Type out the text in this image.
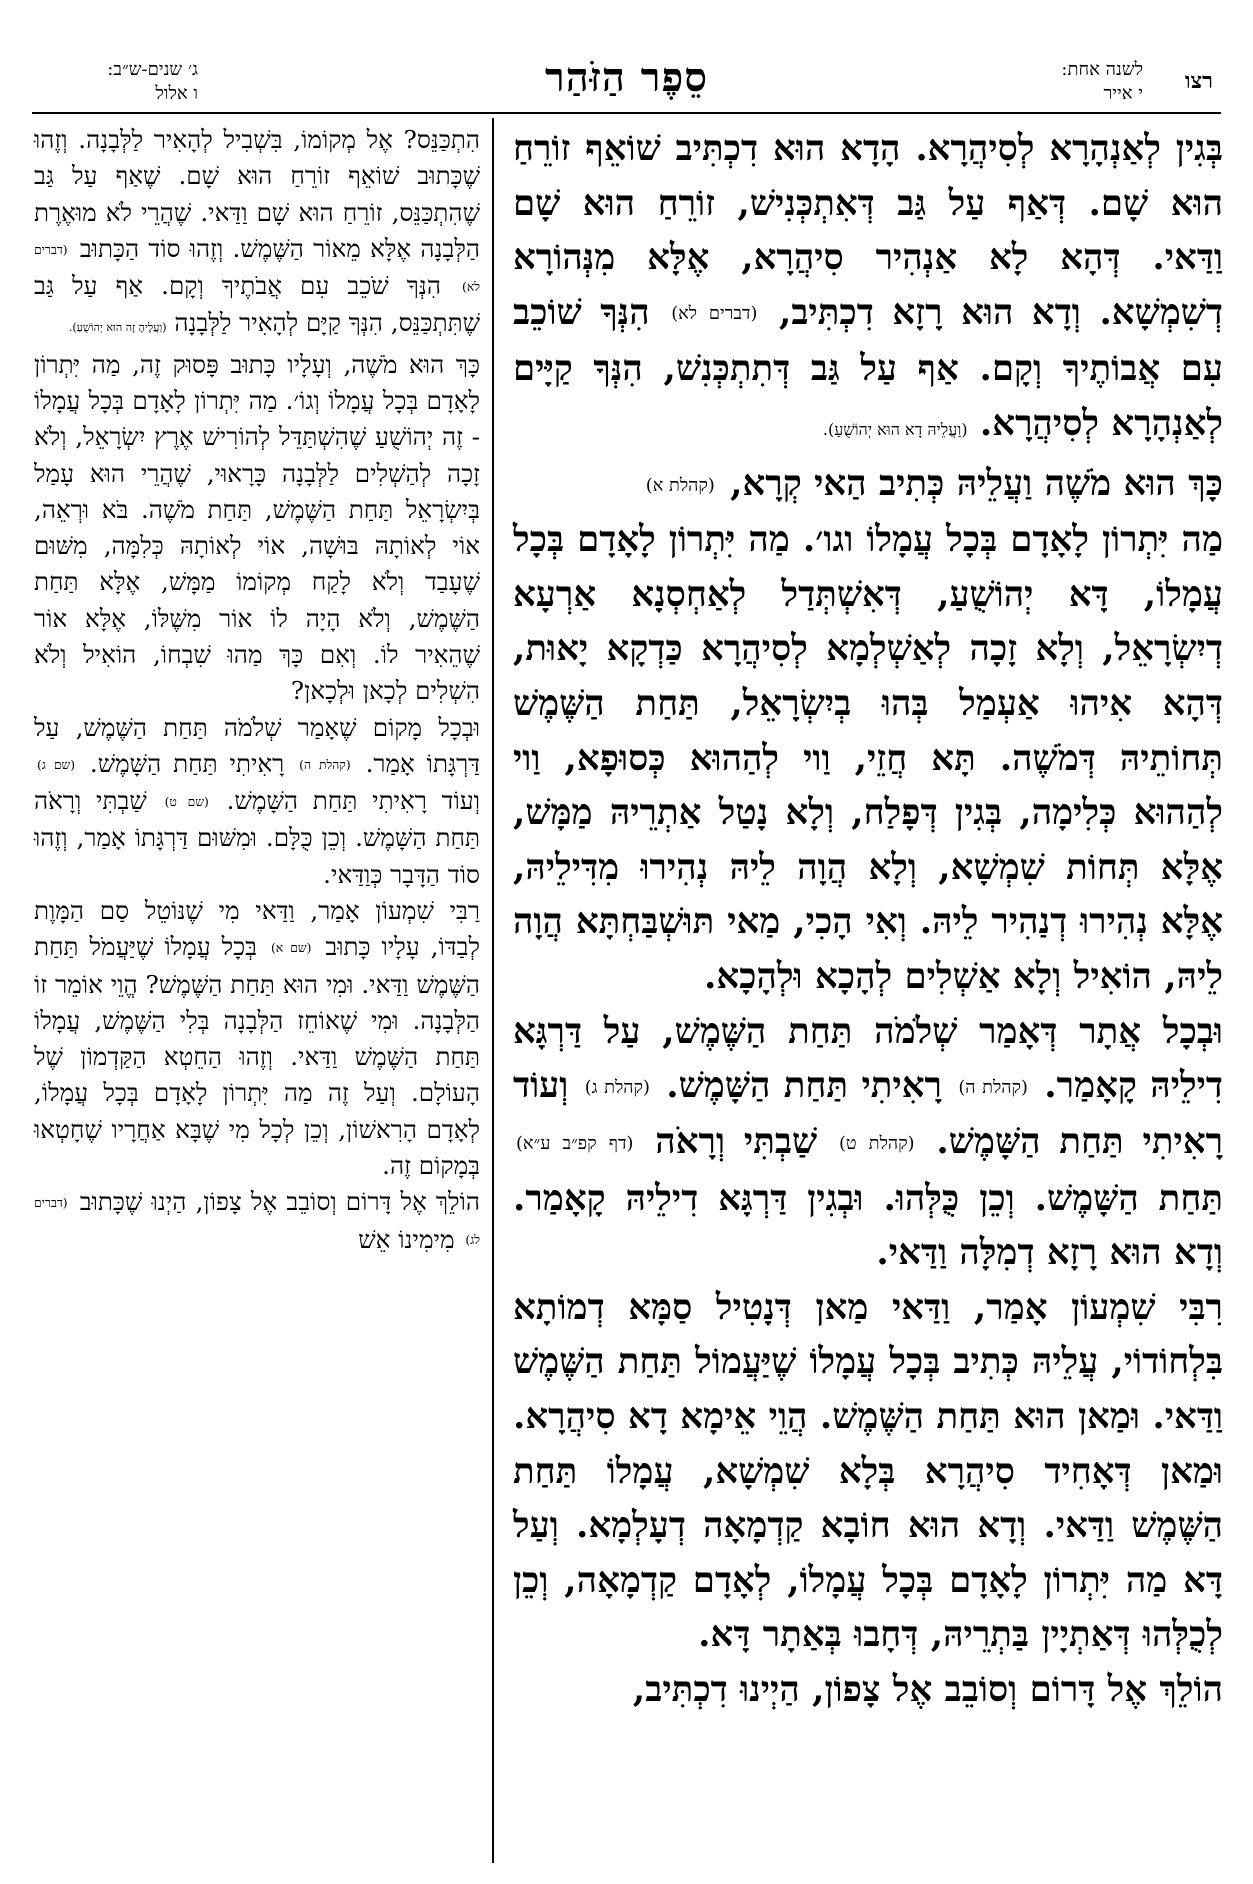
רצו
לשנה אחת:
י אייר
סֵפֶר הַזֹּהַר
ג׳ שנים-ש״ב:
ו אלול

בְּגִין לְאַנְהָרָא לְסִיהֲרָא. הָדָא הוּא דִכְתִּיב שׁוֹאֵף זוֹרֵחַ הוּא שָׁם. דְּאַף עַל גַּב דְּאִתְכְּנִישׁ, זוֹרֵחַ הוּא שָׁם וַדַּאי. דְּהָא לָא אַנְהִיר סִיהֲרָא, אֶלָּא מִנְּהוֹרָא דְשִׁמְשָׁא. וְדָא הוּא רָזָא דִכְתִּיב, (דברים לא) הִנְּךָ שׁוֹכֵב עִם אֲבוֹתֶיךָ וְקָם. אַף עַל גַּב דְּתִתְכְּנִשׁ, הִנְּךָ קַיָּים לְאַנְהָרָא לְסִיהֲרָא. (וַעֲלֵיהּ דָא הוּא יְהוֹשֻׁעַ).

כָּךְ הוּא מֹשֶׁה וַעֲלֵיהּ כְּתִיב הַאי קְרָא, (קהלת א)

מַה יִּתְרוֹן לָאָדָם בְּכָל עֲמָלוֹ וגו׳. מַה יִּתְרוֹן לָאָדָם בְּכָל עֲמָלוֹ, דָּא יְהוֹשֻׁעַ, דְּאִשְׁתְּדַל לְאַחְסְנָא אַרְעָא דְיִשְׂרָאֵל, וְלָא זָכָה לְאַשְׁלְמָא לְסִיהֲרָא כַּדְקָא יָאוּת, דְּהָא אִיהוּ אַעְמַל בְּהוּ בְיִשְׂרָאֵל, תַּחַת הַשֶּׁמֶשׁ תְּחוֹתֵיהּ דְּמֹשֶׁה. תָּא חֲזֵי, וַוי לְהַהוּא כְּסוּפָא, וַוי לְהַהוּא כְּלִימָה, בְּגִין דְּפָלַח, וְלָא נָטַל אַתְרֵיהּ מַמָּשׁ, אֶלָּא תְּחוֹת שִׁמְשָׁא, וְלָא הֲוָה לֵיהּ נְהִירוּ מִדִּילֵיהּ, אֶלָּא נְהִירוּ דְנַהִיר לֵיהּ. וְאִי הָכִי, מַאי תּוּשְׁבַּחְתָּא הֲוָה לֵיהּ, הוֹאִיל וְלָא אַשְׁלִים לְהָכָא וּלְהָכָא.

וּבְכָל אֲתָר דְּאָמַר שְׁלֹמֹה תַּחַת הַשֶּׁמֶשׁ, עַל דַּרְגָּא דִילֵיהּ קָאָמַר. (קהלת ה) רָאִיתִי תַּחַת הַשָּׁמֶשׁ. (קהלת ג) וְעוֹד רָאִיתִי תַּחַת הַשָּׁמֶשׁ. (קהלת ט) שַׁבְתִּי וְרָאֹה (דף קפ״ב ע״א) תַּחַת הַשָּׁמֶשׁ. וְכֵן כֻּלְּהוּ. וּבְגִין דַּרְגָּא דִילֵיהּ קָאָמַר. וְדָא הוּא רָזָא דְמִלָּה וַדַּאי.

רִבִּי שִׁמְעוֹן אָמַר, וַדַּאי מַאן דְּנָטִיל סַמָּא דְמוֹתָא בִּלְחוֹדוֹי, עֲלֵיהּ כְּתִיב בְּכָל עֲמָלוֹ שֶׁיַּעֲמוֹל תַּחַת הַשֶּׁמֶשׁ וַדַּאי. וּמַאן הוּא תַּחַת הַשֶּׁמֶשׁ. הֲוֵי אֵימָא דָא סִיהֲרָא. וּמַאן דְּאָחִיד סִיהֲרָא בְּלָא שִׁמְשָׁא, עֲמָלוֹ תַּחַת הַשֶּׁמֶשׁ וַדַּאי. וְדָא הוּא חוֹבָא קַדְמָאָה דְעָלְמָא. וְעַל דָּא מַה יִּתְרוֹן לָאָדָם בְּכָל עֲמָלוֹ, לְאָדָם קַדְמָאָה, וְכֵן לְכֻלְּהוּ דְּאַתְיָין בַּתְרֵיהּ, דְּחָבוּ בְּאַתָר דָּא.

הוֹלֵךְ אֶל דָּרוֹם וְסוֹבֵב אֶל צָפוֹן, הַיְינוּ דִכְתִּיב,

הִתְכַּנֵּס? אֶל מְקוֹמוֹ, בִּשְׁבִיל לְהָאִיר לַלְּבָנָה. וְזֶהוּ שֶׁכָּתוּב שׁוֹאֵף זוֹרֵחַ הוּא שָׁם. שֶׁאַף עַל גַּב שֶׁהִתְכַּנֵּס, זוֹרֵחַ הוּא שָׁם וַדַּאי. שֶׁהֲרֵי לֹא מוּאֶרֶת הַלְּבָנָה אֶלָּא מֵאוֹר הַשֶּׁמֶשׁ. וְזֶהוּ סוֹד הַכָּתוּב (דברים לא) הִנְּךָ שֹׁכֵב עִם אֲבֹתֶיךָ וְקָם. אַף עַל גַּב שֶׁתִּתְכַּנֵּס, הִנְּךָ קַיָּם לְהָאִיר לַלְּבָנָה (וַעֲלֶיהָ זֶה הוּא יְהוֹשֻׁעַ).

כָּךְ הוּא מֹשֶׁה, וְעָלָיו כָּתוּב פָּסוּק זֶה, מַה יִּתְרוֹן לָאָדָם בְּכָל עֲמָלוֹ וְגוֹ׳. מַה יִּתְרוֹן לָאָדָם בְּכָל עֲמָלוֹ - זֶה יְהוֹשֻׁעַ שֶׁהִשְׁתַּדֵּל לְהוֹרִישׁ אֶרֶץ יִשְׂרָאֵל, וְלֹא זָכָה לְהַשְׁלִים לַלְּבָנָה כָּרָאוּי, שֶׁהֲרֵי הוּא עָמַל בְּיִשְׂרָאֵל תַּחַת הַשֶּׁמֶשׁ, תַּחַת מֹשֶׁה. בֹּא וּרְאֵה, אוֹי לְאוֹתָהּ בּוּשָׁה, אוֹי לְאוֹתָהּ כְּלִמָּה, מִשּׁוּם שֶׁעָבַד וְלֹא לָקַח מְקוֹמוֹ מַמָּשׁ, אֶלָּא תַּחַת הַשֶּׁמֶשׁ, וְלֹא הָיָה לוֹ אוֹר מִשֶּׁלּוֹ, אֶלָּא אוֹר שֶׁהֵאִיר לוֹ. וְאִם כָּךְ מַהוּ שִׁבְחוֹ, הוֹאִיל וְלֹא הִשְׁלִים לְכָאן וּלְכָאן?

וּבְכָל מָקוֹם שֶׁאָמַר שְׁלֹמֹה תַּחַת הַשֶּׁמֶשׁ, עַל דַּרְגָּתוֹ אָמַר. (קהלת ה) רָאִיתִי תַּחַת הַשָּׁמֶשׁ. (שם ג) וְעוֹד רָאִיתִי תַּחַת הַשָּׁמֶשׁ. (שם ט) שַׁבְתִּי וְרָאֹה תַּחַת הַשָּׁמֶשׁ. וְכֵן כֻּלָּם. וּמִשּׁוּם דַּרְגָּתוֹ אָמַר, וְזֶהוּ סוֹד הַדָּבָר כְּוַדַּאי.

רַבִּי שִׁמְעוֹן אָמַר, וַדַּאי מִי שֶׁנּוֹטֵל סַם הַמָּוֶת לְבַדּוֹ, עָלָיו כָּתוּב (שם א) בְּכָל עֲמָלוֹ שֶׁיַּעֲמֹל תַּחַת הַשֶּׁמֶשׁ וַדַּאי. וּמִי הוּא תַּחַת הַשֶּׁמֶשׁ? הֱוֵי אוֹמֵר זוֹ הַלְּבָנָה. וּמִי שֶׁאוֹחֵז הַלְּבָנָה בְּלִי הַשֶּׁמֶשׁ, עֲמָלוֹ תַּחַת הַשֶּׁמֶשׁ וַדַּאי. וְזֶהוּ הַחֵטְא הַקַּדְמוֹן שֶׁל הָעוֹלָם. וְעַל זֶה מַה יִּתְרוֹן לָאָדָם בְּכָל עֲמָלוֹ, לְאָדָם הָרִאשׁוֹן, וְכֵן לְכָל מִי שֶׁבָּא אַחֲרָיו שֶׁחָטְאוּ בְּמָקוֹם זֶה.

הוֹלֵךְ אֶל דָּרוֹם וְסוֹבֵב אֶל צָפוֹן, הַיְנוּ שֶׁכָּתוּב (דברים לג) מִימִינוֹ אֵשׁ
